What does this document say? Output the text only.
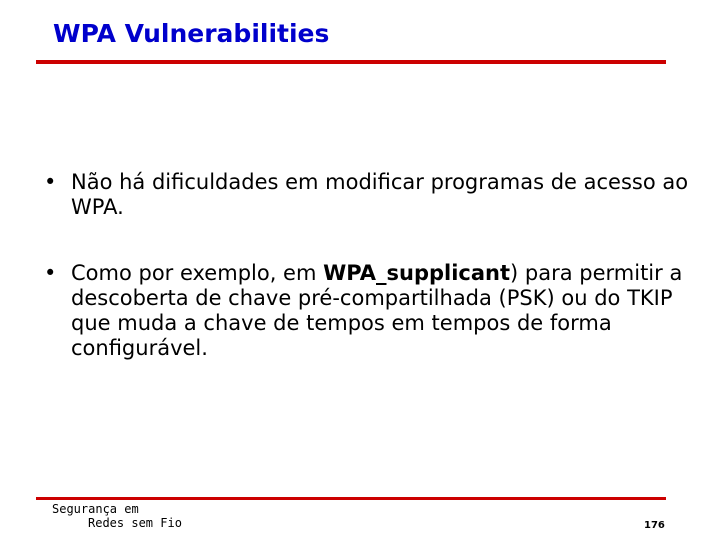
WPA Vulnerabilities
• Não há dificuldades em modificar programas de acesso ao WPA.
• Como por exemplo, em WPA_supplicant) para permitir a descoberta de chave pré-compartilhada (PSK) ou do TKIP que muda a chave de tempos em tempos de forma configurável.
Segurança em
Redes sem Fio	176
